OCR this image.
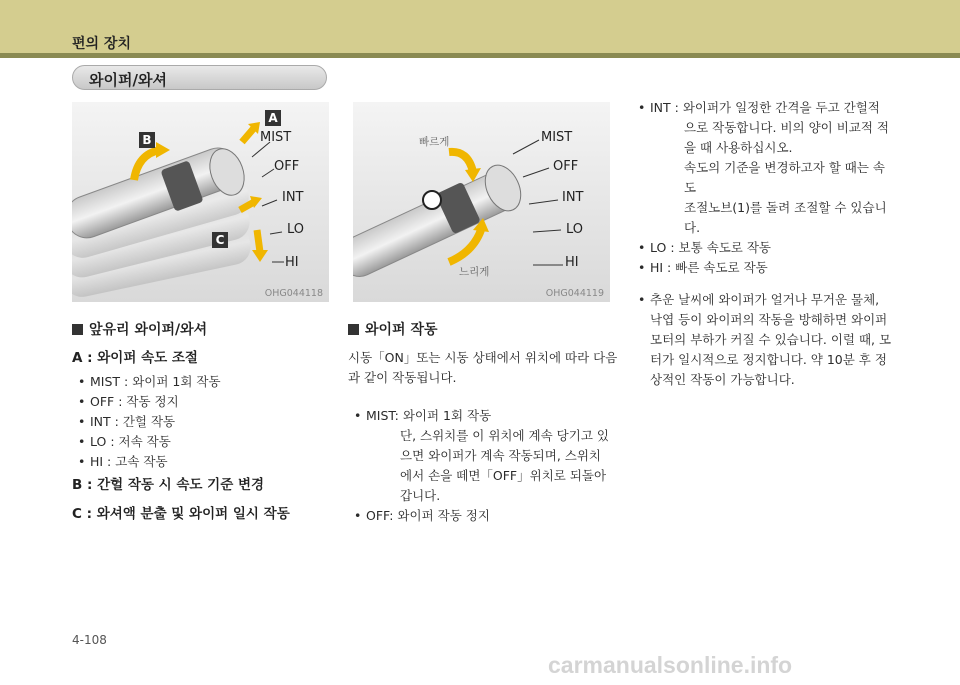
편의 장치
와이퍼/와셔
MIST
OFF
INT
LO
HI
A
B
C
OHG044118
빠르게
느리게
MIST
OFF
INT
LO
HI
OHG044119

앞유리 와이퍼/와셔

A : 와이퍼 속도 조절

• MIST : 와이퍼 1회 작동

• OFF : 작동 정지

• INT : 간헐 작동

• LO : 저속 작동

• HI : 고속 작동

B : 간헐 작동 시 속도 기준 변경

C : 와셔액 분출 및 와이퍼 일시 작동

와이퍼 작동

시동「ON」또는 시동 상태에서 위치에 따라 다음

과 같이 작동됩니다.

• MIST: 와이퍼 1회 작동

단, 스위치를 이 위치에 계속 당기고 있

으면 와이퍼가 계속 작동되며, 스위치

에서 손을 떼면「OFF」위치로 되돌아

갑니다.

• OFF: 와이퍼 작동 정지

• INT : 와이퍼가 일정한 간격을 두고 간헐적

으로 작동합니다. 비의 양이 비교적 적

을 때 사용하십시오.

속도의 기준을 변경하고자 할 때는 속도

조절노브(1)를 돌려 조절할 수 있습니다.

• LO : 보통 속도로 작동

• HI : 빠른 속도로 작동

• 추운 날씨에 와이퍼가 얼거나 무거운 물체,

낙엽 등이 와이퍼의 작동을 방해하면 와이퍼

모터의 부하가 커질 수 있습니다. 이럴 때, 모

터가 일시적으로 정지합니다. 약 10분 후 정

상적인 작동이 가능합니다.

4-108
carmanualsonline.info
